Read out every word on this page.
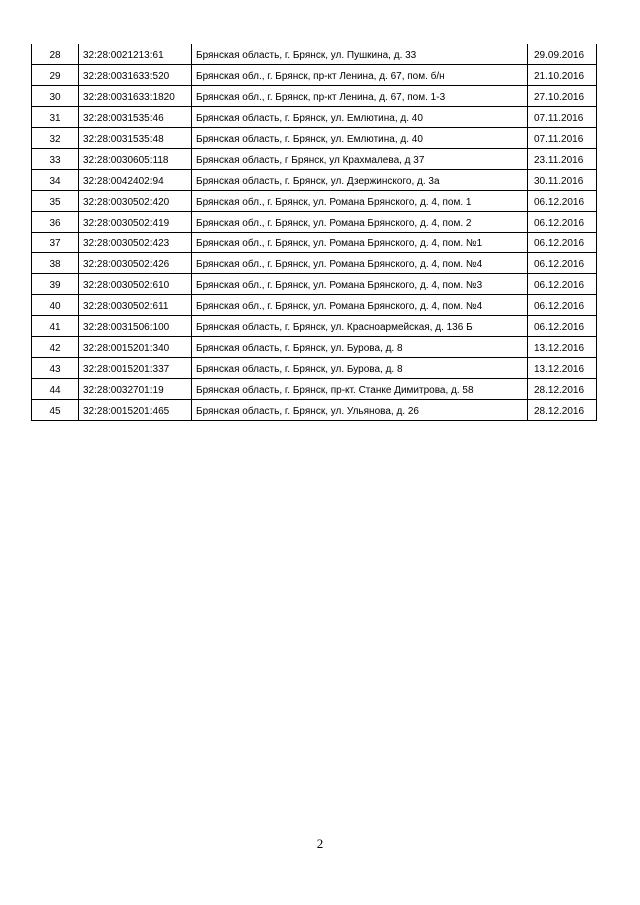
28	32:28:0021213:61	Брянская область, г. Брянск, ул. Пушкина, д. 33	29.09.2016
29	32:28:0031633:520	Брянская обл., г. Брянск, пр-кт Ленина, д. 67, пом. б/н	21.10.2016
30	32:28:0031633:1820	Брянская обл., г. Брянск, пр-кт Ленина, д. 67, пом. 1-3	27.10.2016
31	32:28:0031535:46	Брянская область, г. Брянск, ул. Емлютина, д. 40	07.11.2016
32	32:28:0031535:48	Брянская область, г. Брянск, ул. Емлютина, д. 40	07.11.2016
33	32:28:0030605:118	Брянская область, г Брянск, ул Крахмалева, д 37	23.11.2016
34	32:28:0042402:94	Брянская область, г. Брянск, ул. Дзержинского, д. 3а	30.11.2016
35	32:28:0030502:420	Брянская обл., г. Брянск, ул. Романа Брянского, д. 4, пом. 1	06.12.2016
36	32:28:0030502:419	Брянская обл., г. Брянск, ул. Романа Брянского, д. 4, пом. 2	06.12.2016
37	32:28:0030502:423	Брянская обл., г. Брянск, ул. Романа Брянского, д. 4, пом. №1	06.12.2016
38	32:28:0030502:426	Брянская обл., г. Брянск, ул. Романа Брянского, д. 4, пом. №4	06.12.2016
39	32:28:0030502:610	Брянская обл., г. Брянск, ул. Романа Брянского, д. 4, пом. №3	06.12.2016
40	32:28:0030502:611	Брянская обл., г. Брянск, ул. Романа Брянского, д. 4, пом. №4	06.12.2016
41	32:28:0031506:100	Брянская область, г. Брянск, ул. Красноармейская, д. 136 Б	06.12.2016
42	32:28:0015201:340	Брянская область, г. Брянск, ул. Бурова, д. 8	13.12.2016
43	32:28:0015201:337	Брянская область, г. Брянск, ул. Бурова, д. 8	13.12.2016
44	32:28:0032701:19	Брянская область, г. Брянск, пр-кт. Станке Димитрова, д. 58	28.12.2016
45	32:28:0015201:465	Брянская область, г. Брянск, ул. Ульянова, д. 26	28.12.2016
2
